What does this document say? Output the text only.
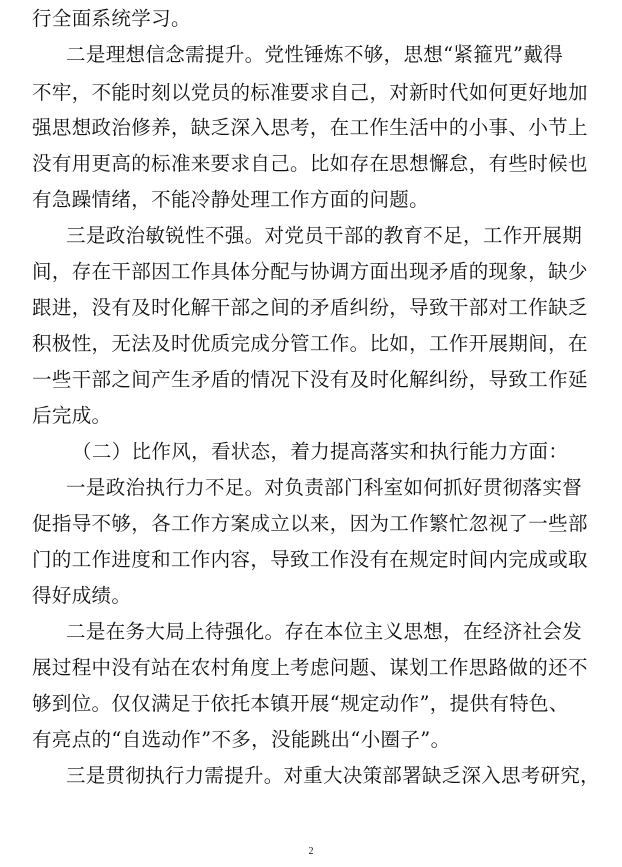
行全面系统学习。
二是理想信念需提升。党性锤炼不够，思想“紧箍咒”戴得
不牢，不能时刻以党员的标准要求自己，对新时代如何更好地加
强思想政治修养，缺乏深入思考，在工作生活中的小事、小节上
没有用更高的标准来要求自己。比如存在思想懈怠，有些时候也
有急躁情绪，不能冷静处理工作方面的问题。
三是政治敏锐性不强。对党员干部的教育不足，工作开展期
间，存在干部因工作具体分配与协调方面出现矛盾的现象，缺少
跟进，没有及时化解干部之间的矛盾纠纷，导致干部对工作缺乏
积极性，无法及时优质完成分管工作。比如，工作开展期间，在
一些干部之间产生矛盾的情况下没有及时化解纠纷，导致工作延
后完成。
（二）比作风，看状态，着力提高落实和执行能力方面：
一是政治执行力不足。对负责部门科室如何抓好贯彻落实督
促指导不够，各工作方案成立以来，因为工作繁忙忽视了一些部
门的工作进度和工作内容，导致工作没有在规定时间内完成或取
得好成绩。
二是在务大局上待强化。存在本位主义思想，在经济社会发
展过程中没有站在农村角度上考虑问题、谋划工作思路做的还不
够到位。仅仅满足于依托本镇开展“规定动作”，提供有特色、
有亮点的“自选动作”不多，没能跳出“小圈子”。
三是贯彻执行力需提升。对重大决策部署缺乏深入思考研究，
2
